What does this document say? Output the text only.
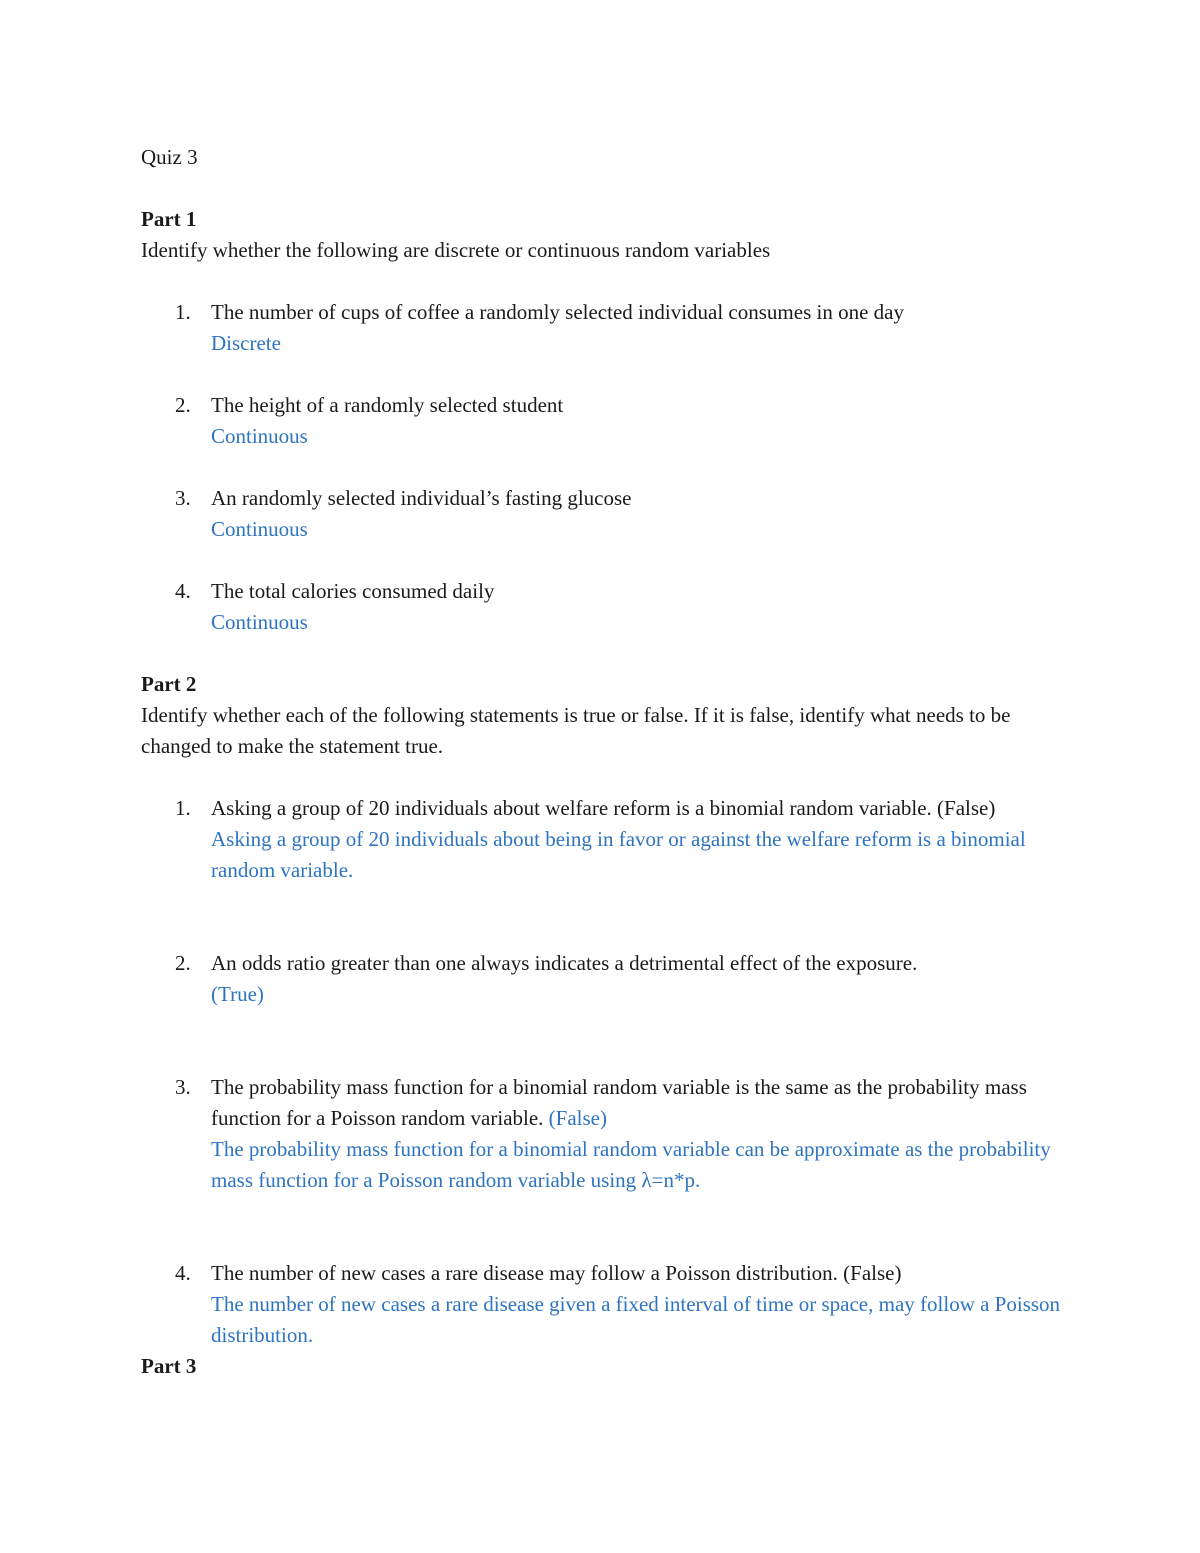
Quiz 3

Part 1

Identify whether the following are discrete or continuous random variables

1. The number of cups of coffee a randomly selected individual consumes in one day

Discrete

2. The height of a randomly selected student

Continuous

3. An randomly selected individual’s fasting glucose

Continuous

4. The total calories consumed daily

Continuous

Part 2

Identify whether each of the following statements is true or false. If it is false, identify what needs to be changed to make the statement true.

1. Asking a group of 20 individuals about welfare reform is a binomial random variable. (False)

Asking a group of 20 individuals about being in favor or against the welfare reform is a binomial random variable.

2. An odds ratio greater than one always indicates a detrimental effect of the exposure.

(True)

3. The probability mass function for a binomial random variable is the same as the probability mass function for a Poisson random variable. (False)

The probability mass function for a binomial random variable can be approximate as the probability mass function for a Poisson random variable using λ=n*p.

4. The number of new cases a rare disease may follow a Poisson distribution. (False)

The number of new cases a rare disease given a fixed interval of time or space, may follow a Poisson distribution.

Part 3
